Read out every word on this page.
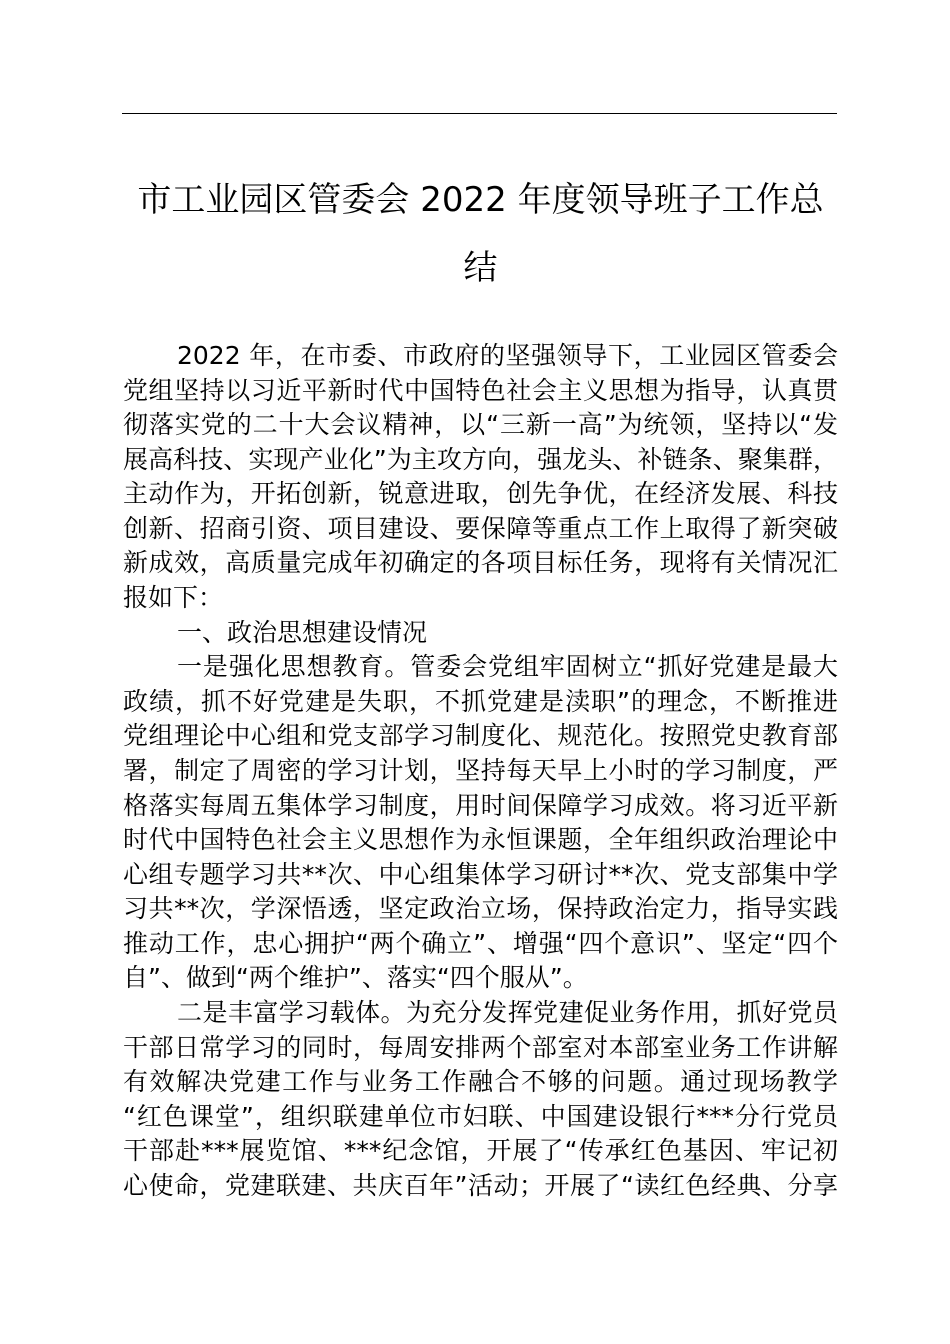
市工业园区管委会 2022 年度领导班子工作总
结
2022 年，在市委、市政府的坚强领导下，工业园区管委会
党组坚持以习近平新时代中国特色社会主义思想为指导，认真贯
彻落实党的二十大会议精神，以“三新一高”为统领，坚持以“发
展高科技、实现产业化”为主攻方向，强龙头、补链条、聚集群，
主动作为，开拓创新，锐意进取，创先争优，在经济发展、科技
创新、招商引资、项目建设、要保障等重点工作上取得了新突破
新成效，高质量完成年初确定的各项目标任务，现将有关情况汇
报如下：
一、政治思想建设情况
一是强化思想教育。管委会党组牢固树立“抓好党建是最大
政绩，抓不好党建是失职，不抓党建是渎职”的理念，不断推进
党组理论中心组和党支部学习制度化、规范化。按照党史教育部
署，制定了周密的学习计划，坚持每天早上小时的学习制度，严
格落实每周五集体学习制度，用时间保障学习成效。将习近平新
时代中国特色社会主义思想作为永恒课题，全年组织政治理论中
心组专题学习共**次、中心组集体学习研讨**次、党支部集中学
习共**次，学深悟透，坚定政治立场，保持政治定力，指导实践
推动工作，忠心拥护“两个确立”、增强“四个意识”、坚定“四个
自”、做到“两个维护”、落实“四个服从”。
二是丰富学习载体。为充分发挥党建促业务作用，抓好党员
干部日常学习的同时，每周安排两个部室对本部室业务工作讲解
有效解决党建工作与业务工作融合不够的问题。通过现场教学
“红色课堂”，组织联建单位市妇联、中国建设银行***分行党员
干部赴***展览馆、***纪念馆，开展了“传承红色基因、牢记初
心使命，党建联建、共庆百年”活动；开展了“读红色经典、分享
